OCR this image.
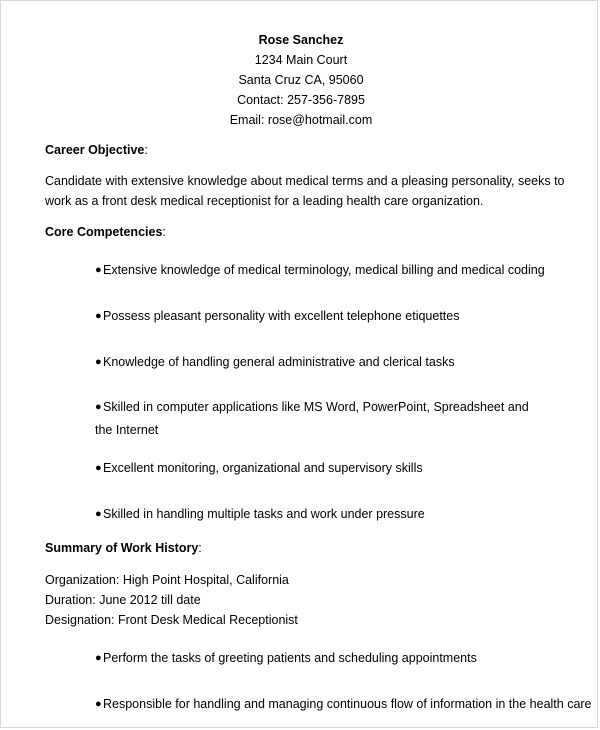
Rose Sanchez
1234 Main Court
Santa Cruz CA, 95060
Contact: 257-356-7895
Email: rose@hotmail.com
Career Objective:
Candidate with extensive knowledge about medical terms and a pleasing personality, seeks to work as a front desk medical receptionist for a leading health care organization.
Core Competencies:
● Extensive knowledge of medical terminology, medical billing and medical coding
● Possess pleasant personality with excellent telephone etiquettes
● Knowledge of handling general administrative and clerical tasks
● Skilled in computer applications like MS Word, PowerPoint, Spreadsheet and the Internet
● Excellent monitoring, organizational and supervisory skills
● Skilled in handling multiple tasks and work under pressure
Summary of Work History:
Organization: High Point Hospital, California
Duration: June 2012 till date
Designation: Front Desk Medical Receptionist
● Perform the tasks of greeting patients and scheduling appointments
● Responsible for handling and managing continuous flow of information in the health care
